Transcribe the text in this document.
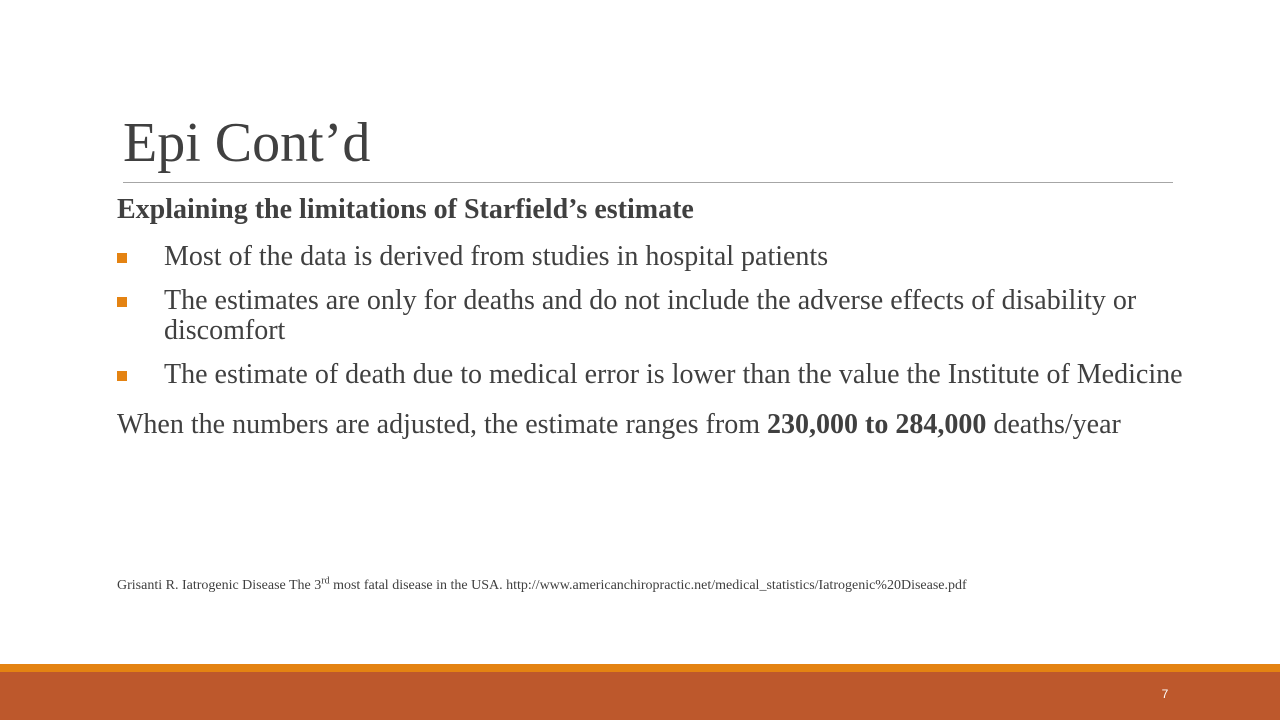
Epi Cont’d
Explaining the limitations of Starfield’s estimate
Most of the data is derived from studies in hospital patients
The estimates are only for deaths and do not include the adverse effects of disability or discomfort
The estimate of death due to medical error is lower than the value the Institute of Medicine
When the numbers are adjusted, the estimate ranges from 230,000 to 284,000 deaths/year
Grisanti R. Iatrogenic Disease The 3rd most fatal disease in the USA. http://www.americanchiropractic.net/medical_statistics/Iatrogenic%20Disease.pdf
7
